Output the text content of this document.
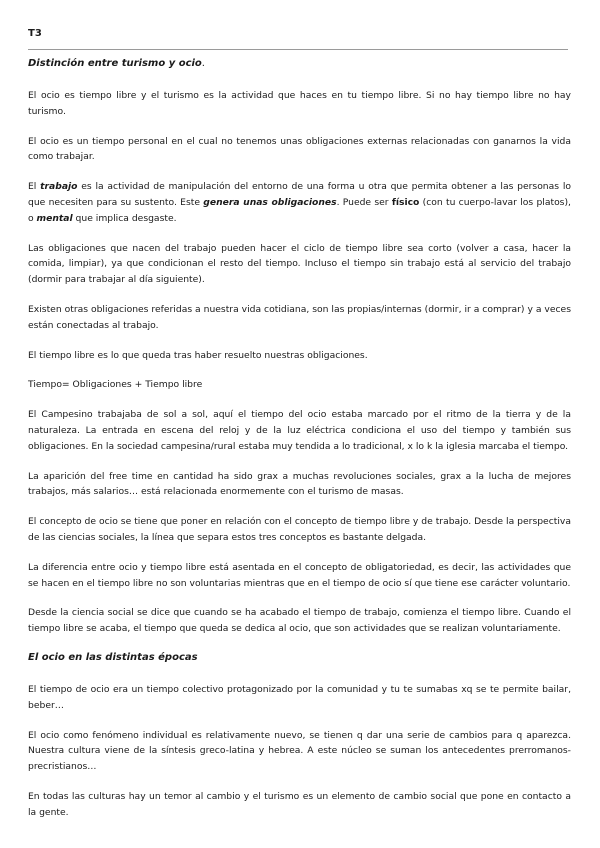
T3
Distinción entre turismo y ocio.

El ocio es tiempo libre y el turismo es la actividad que haces en tu tiempo libre. Si no hay tiempo libre no hay turismo.

El ocio es un tiempo personal en el cual no tenemos unas obligaciones externas relacionadas con ganarnos la vida como trabajar.

El trabajo es la actividad de manipulación del entorno de una forma u otra que permita obtener a las personas lo que necesiten para su sustento. Este genera unas obligaciones. Puede ser físico (con tu cuerpo-lavar los platos), o mental que implica desgaste.

Las obligaciones que nacen del trabajo pueden hacer el ciclo de tiempo libre sea corto (volver a casa, hacer la comida, limpiar), ya que condicionan el resto del tiempo. Incluso el tiempo sin trabajo está al servicio del trabajo (dormir para trabajar al día siguiente).

Existen otras obligaciones referidas a nuestra vida cotidiana, son las propias/internas (dormir, ir a comprar) y a veces están conectadas al trabajo.

El tiempo libre es lo que queda tras haber resuelto nuestras obligaciones.

Tiempo= Obligaciones + Tiempo libre

El Campesino trabajaba de sol a sol, aquí el tiempo del ocio estaba marcado por el ritmo de la tierra y de la naturaleza. La entrada en escena del reloj y de la luz eléctrica condiciona el uso del tiempo y también sus obligaciones. En la sociedad campesina/rural estaba muy tendida a lo tradicional, x lo k la iglesia marcaba el tiempo.

La aparición del free time en cantidad ha sido grax a muchas revoluciones sociales, grax a la lucha de mejores trabajos, más salarios… está relacionada enormemente con el turismo de masas.

El concepto de ocio se tiene que poner en relación con el concepto de tiempo libre y de trabajo. Desde la perspectiva de las ciencias sociales, la línea que separa estos tres conceptos es bastante delgada.

La diferencia entre ocio y tiempo libre está asentada en el concepto de obligatoriedad, es decir, las actividades que se hacen en el tiempo libre no son voluntarias mientras que en el tiempo de ocio sí que tiene ese carácter voluntario.

Desde la ciencia social se dice que cuando se ha acabado el tiempo de trabajo, comienza el tiempo libre. Cuando el tiempo libre se acaba, el tiempo que queda se dedica al ocio, que son actividades que se realizan voluntariamente.

El ocio en las distintas épocas

El tiempo de ocio era un tiempo colectivo protagonizado por la comunidad y tu te sumabas xq se te permite bailar, beber…

El ocio como fenómeno individual es relativamente nuevo, se tienen q dar una serie de cambios para q aparezca. Nuestra cultura viene de la síntesis greco-latina y hebrea. A este núcleo se suman los antecedentes prerromanos-precristianos…

En todas las culturas hay un temor al cambio y el turismo es un elemento de cambio social que pone en contacto a la gente.
